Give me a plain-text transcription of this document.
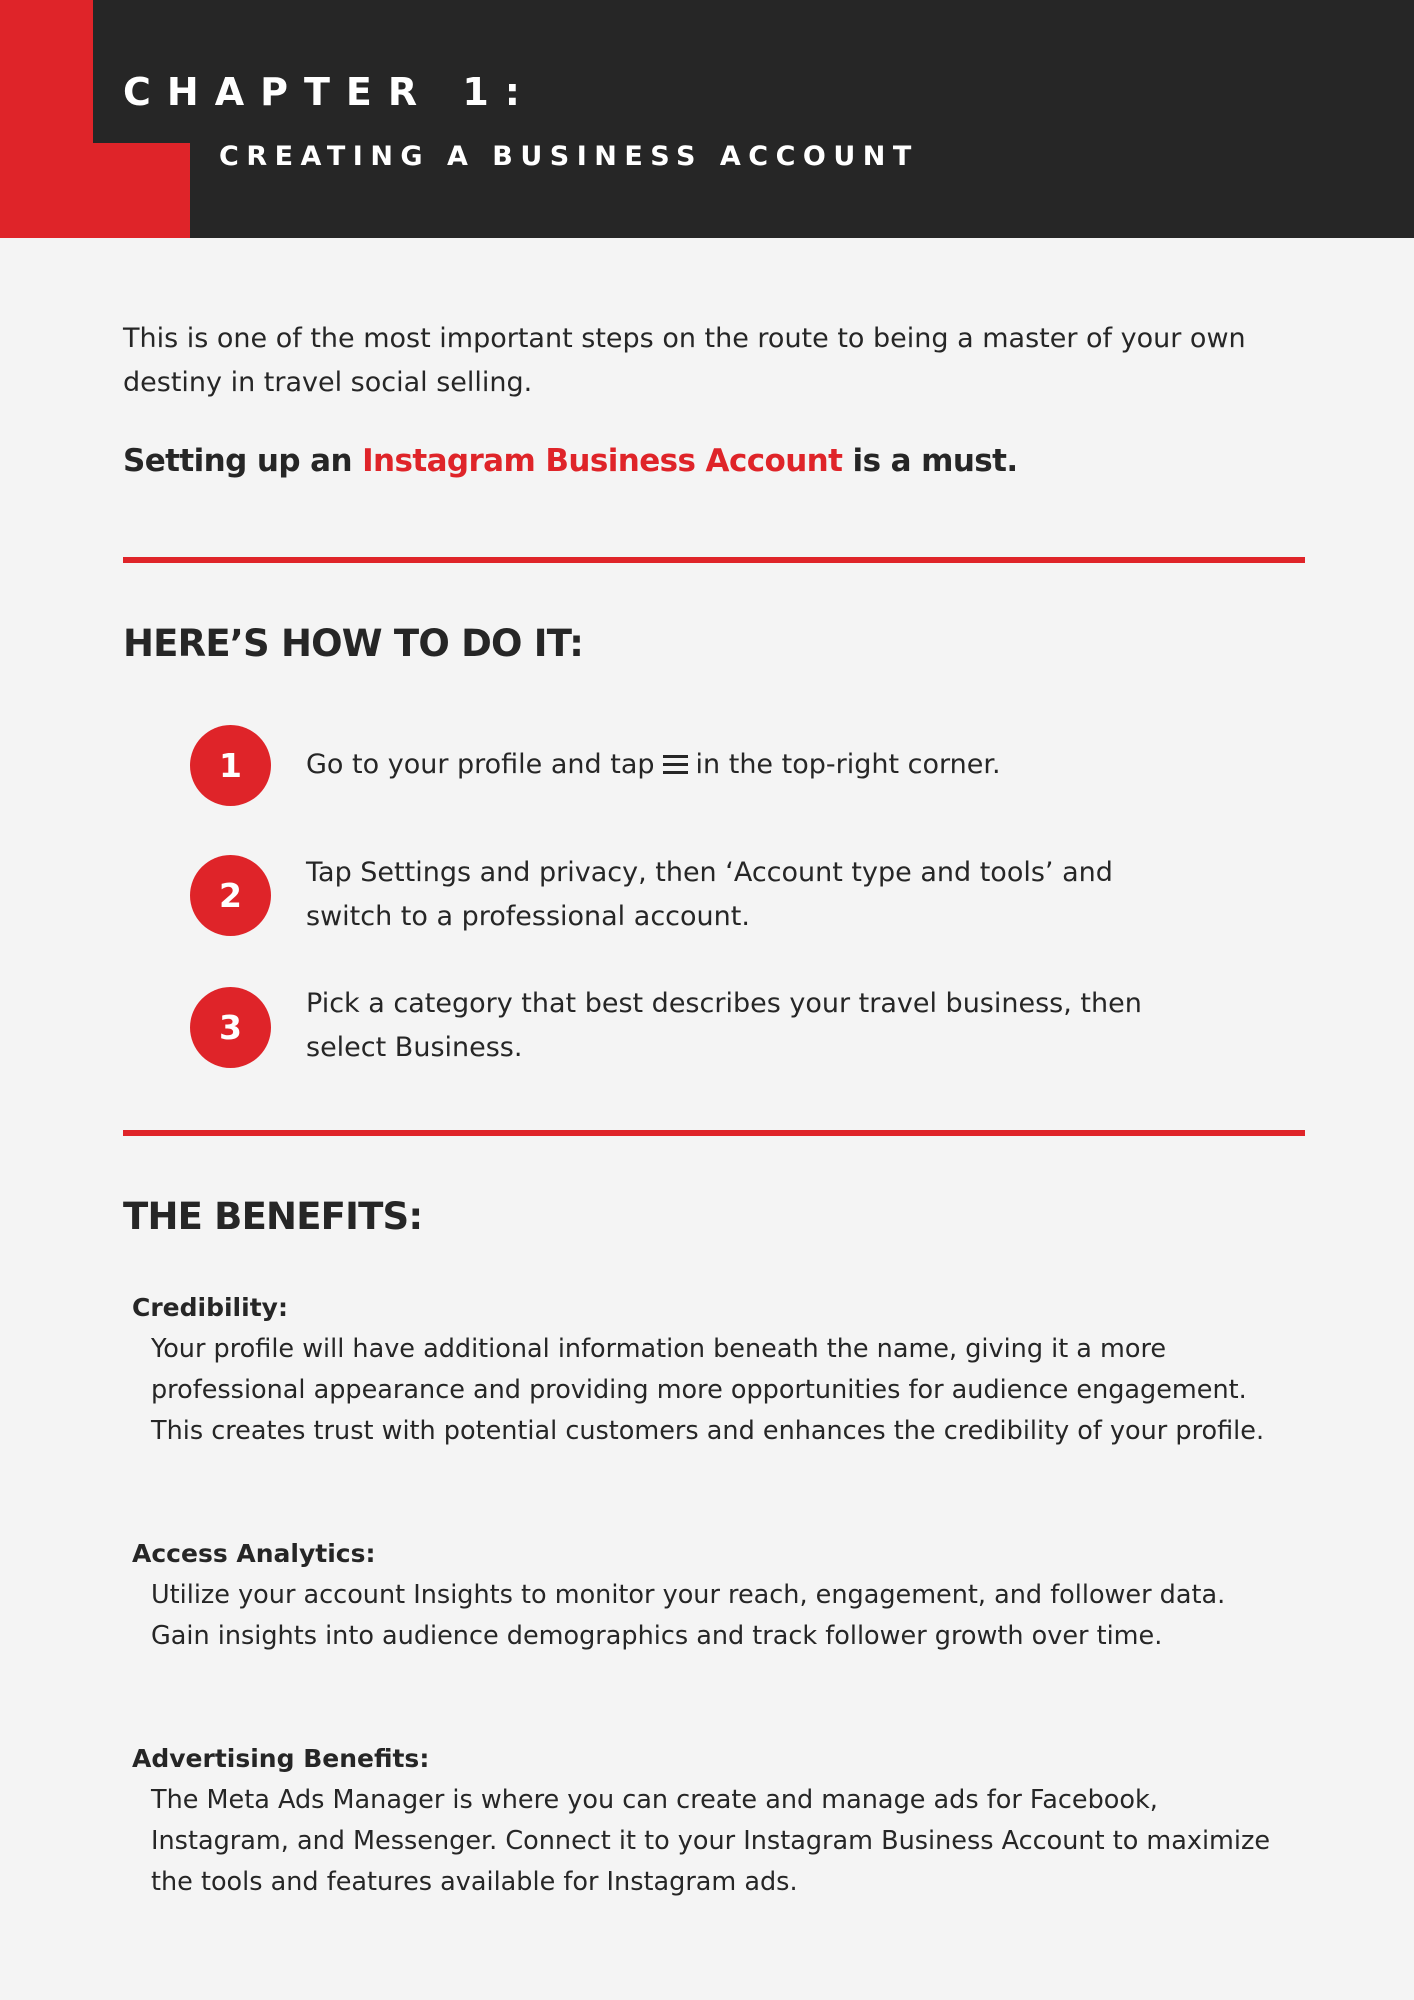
CHAPTER 1:
CREATING A BUSINESS ACCOUNT

This is one of the most important steps on the route to being a master of your own destiny in travel social selling.

Setting up an Instagram Business Account is a must.

HERE’S HOW TO DO IT:
1	Go to your profile and tap in the top-right corner.

2

Tap Settings and privacy, then ‘Account type and tools’ and switch to a professional account.

3

Pick a category that best describes your travel business, then select Business.

THE BENEFITS:

Credibility:

Your profile will have additional information beneath the name, giving it a more professional appearance and providing more opportunities for audience engagement. This creates trust with potential customers and enhances the credibility of your profile.

Access Analytics:

Utilize your account Insights to monitor your reach, engagement, and follower data. Gain insights into audience demographics and track follower growth over time.

Advertising Benefits:

The Meta Ads Manager is where you can create and manage ads for Facebook, Instagram, and Messenger. Connect it to your Instagram Business Account to maximize the tools and features available for Instagram ads.
